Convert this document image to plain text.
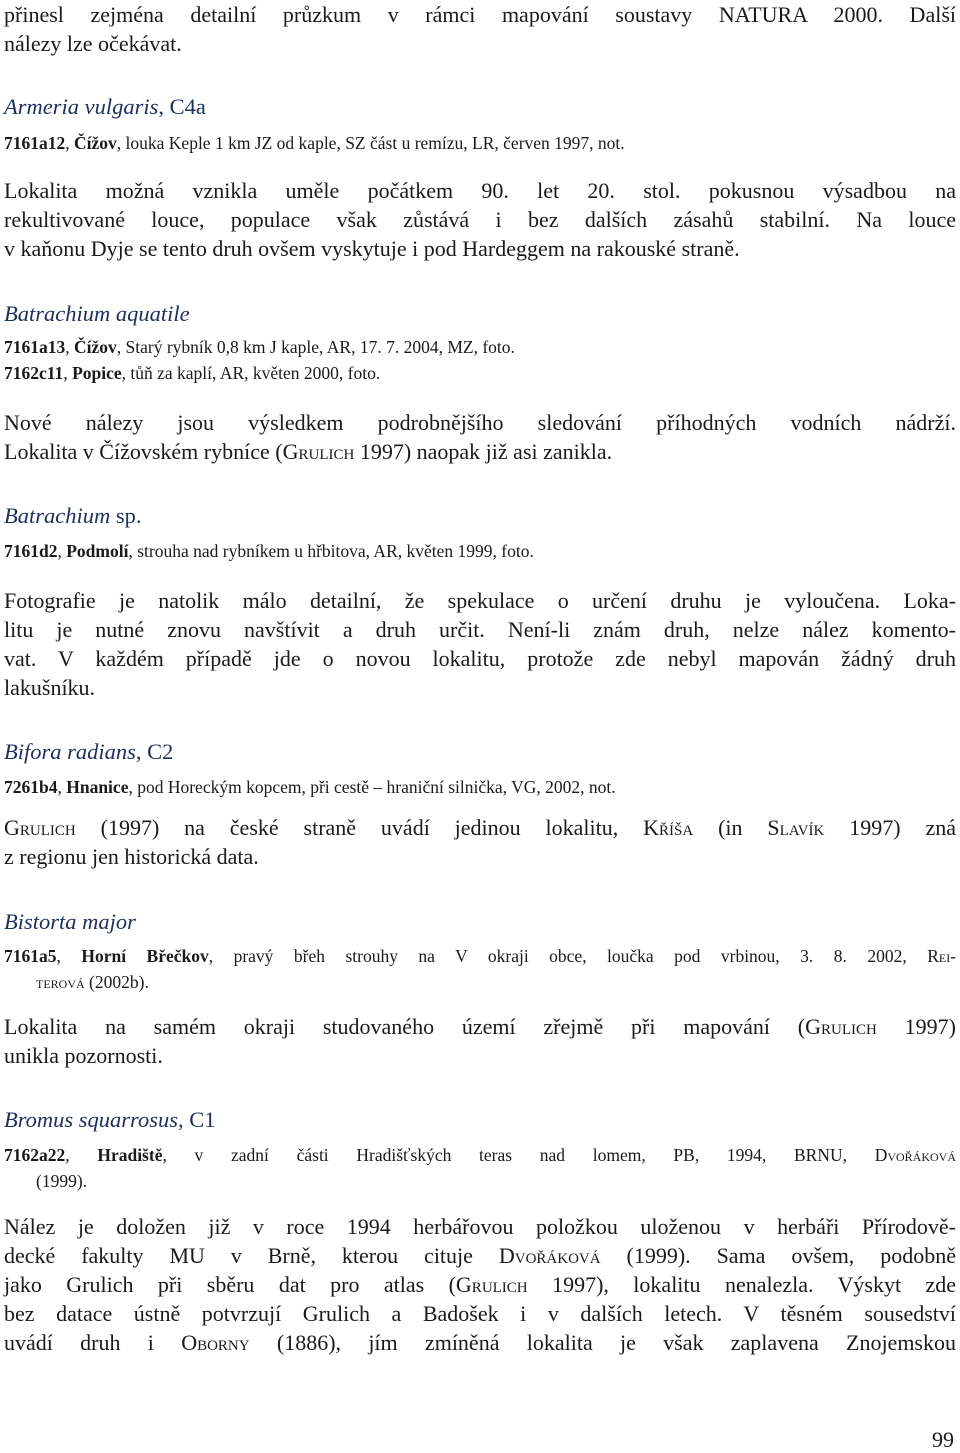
přinesl zejména detailní průzkum v rámci mapování soustavy NATURA 2000. Další
nálezy lze očekávat.

Armeria vulgaris, C4a

7161a12, Čížov, louka Keple 1 km JZ od kaple, SZ část u remízu, LR, červen 1997, not.

Lokalita možná vznikla uměle počátkem 90. let 20. stol. pokusnou výsadbou na
rekultivované louce, populace však zůstává i bez dalších zásahů stabilní. Na louce
v kaňonu Dyje se tento druh ovšem vyskytuje i pod Hardeggem na rakouské straně.

Batrachium aquatile

7161a13, Čížov, Starý rybník 0,8 km J kaple, AR, 17. 7. 2004, MZ, foto.
7162c11, Popice, tůň za kaplí, AR, květen 2000, foto.

Nové nálezy jsou výsledkem podrobnějšího sledování příhodných vodních nádrží.
Lokalita v Čížovském rybníce (Grulich 1997) naopak již asi zanikla.

Batrachium sp.

7161d2, Podmolí, strouha nad rybníkem u hřbitova, AR, květen 1999, foto.

Fotografie je natolik málo detailní, že spekulace o určení druhu je vyloučena. Loka-
litu je nutné znovu navštívit a druh určit. Není-li znám druh, nelze nález komento-
vat. V každém případě jde o novou lokalitu, protože zde nebyl mapován žádný druh
lakušníku.

Bifora radians, C2

7261b4, Hnanice, pod Horeckým kopcem, při cestě – hraniční silnička, VG, 2002, not.

Grulich (1997) na české straně uvádí jedinou lokalitu, Kříša (in Slavík 1997) zná
z regionu jen historická data.

Bistorta major

7161a5, Horní Břečkov, pravý břeh strouhy na V okraji obce, loučka pod vrbinou, 3. 8. 2002, Rei-
terová (2002b).

Lokalita na samém okraji studovaného území zřejmě při mapování (Grulich 1997)
unikla pozornosti.

Bromus squarrosus, C1

7162a22, Hradiště, v zadní části Hradišťských teras nad lomem, PB, 1994, BRNU, Dvořáková
(1999).

Nález je doložen již v roce 1994 herbářovou položkou uloženou v herbáři Přírodově-
decké fakulty MU v Brně, kterou cituje Dvořáková (1999). Sama ovšem, podobně
jako Grulich při sběru dat pro atlas (Grulich 1997), lokalitu nenalezla. Výskyt zde
bez datace ústně potvrzují Grulich a Badošek i v dalších letech. V těsném sousedství
uvádí druh i Oborny (1886), jím zmíněná lokalita je však zaplavena Znojemskou

99
